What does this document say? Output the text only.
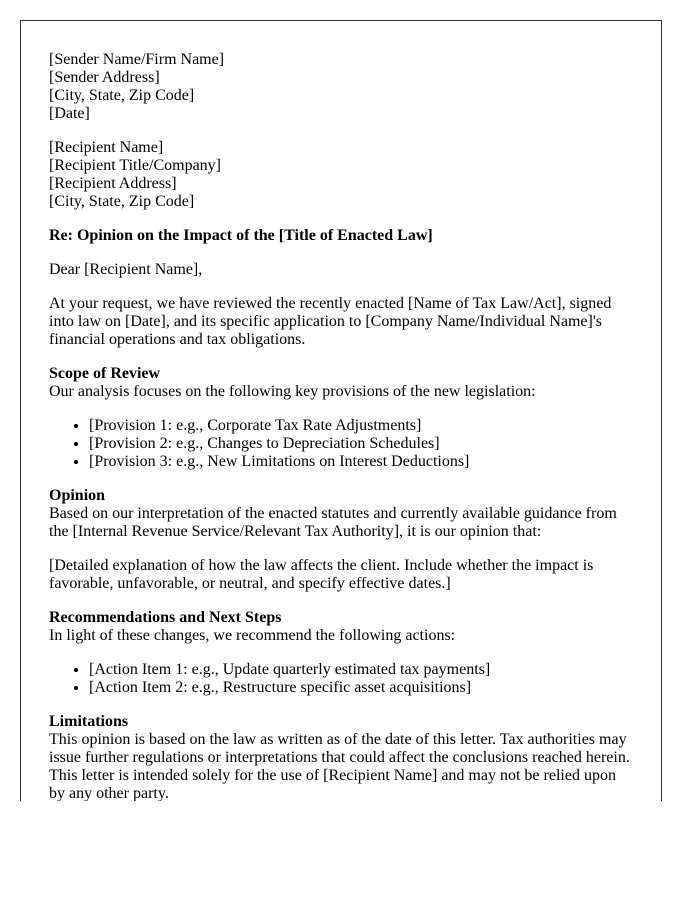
[Sender Name/Firm Name]
[Sender Address]
[City, State, Zip Code]
[Date]

[Recipient Name]
[Recipient Title/Company]
[Recipient Address]
[City, State, Zip Code]

Re: Opinion on the Impact of the [Title of Enacted Law]

Dear [Recipient Name],

At your request, we have reviewed the recently enacted [Name of Tax Law/Act], signed into law on [Date], and its specific application to [Company Name/Individual Name]'s financial operations and tax obligations.

Scope of Review
Our analysis focuses on the following key provisions of the new legislation:
• [Provision 1: e.g., Corporate Tax Rate Adjustments]
• [Provision 2: e.g., Changes to Depreciation Schedules]
• [Provision 3: e.g., New Limitations on Interest Deductions]
Opinion

Based on our interpretation of the enacted statutes and currently available guidance from the [Internal Revenue Service/Relevant Tax Authority], it is our opinion that:

[Detailed explanation of how the law affects the client. Include whether the impact is favorable, unfavorable, or neutral, and specify effective dates.]

Recommendations and Next Steps
In light of these changes, we recommend the following actions:
• [Action Item 1: e.g., Update quarterly estimated tax payments]
• [Action Item 2: e.g., Restructure specific asset acquisitions]
Limitations

This opinion is based on the law as written as of the date of this letter. Tax authorities may issue further regulations or interpretations that could affect the conclusions reached herein. This letter is intended solely for the use of [Recipient Name] and may not be relied upon by any other party.
